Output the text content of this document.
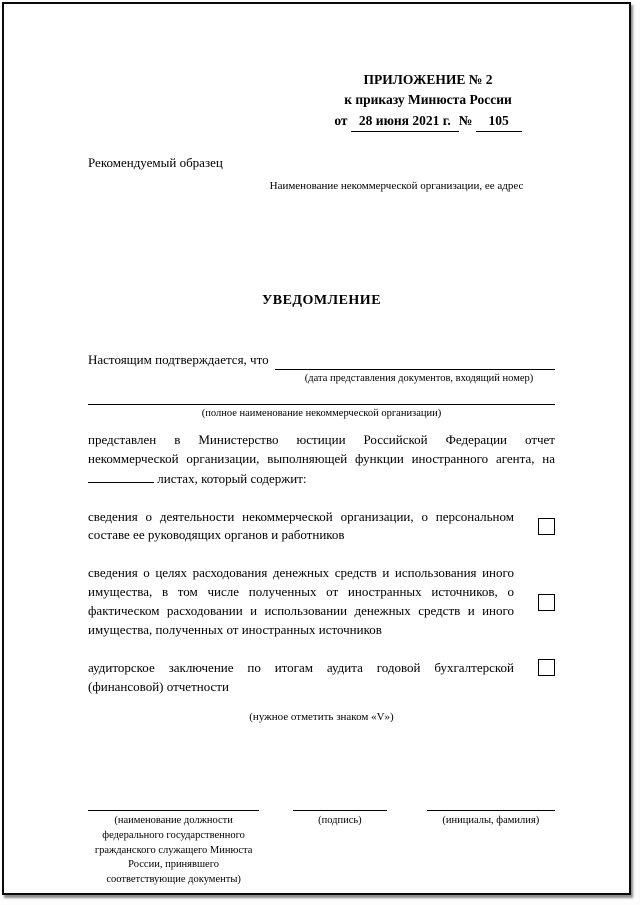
ПРИЛОЖЕНИЕ № 2
к приказу Минюста России
от 28 июня 2021 г. № 105
Рекомендуемый образец
Наименование некоммерческой организации, ее адрес
УВЕДОМЛЕНИЕ
Настоящим подтверждается, что
(дата представления документов, входящий номер)
(полное наименование некоммерческой организации)
представлен в Министерство юстиции Российской Федерации отчет некоммерческой организации, выполняющей функции иностранного агента, на  листах, который содержит:
сведения о деятельности некоммерческой организации, о персональном составе ее руководящих органов и работников
сведения о целях расходования денежных средств и использования иного имущества, в том числе полученных от иностранных источников, о фактическом расходовании и использовании денежных средств и иного имущества, полученных от иностранных источников
аудиторское заключение по итогам аудита годовой бухгалтерской (финансовой) отчетности
(нужное отметить знаком «V»)
(наименование должности федерального государственного гражданского служащего Минюста России, принявшего соответствующие документы)
(подпись)	(инициалы, фамилия)
